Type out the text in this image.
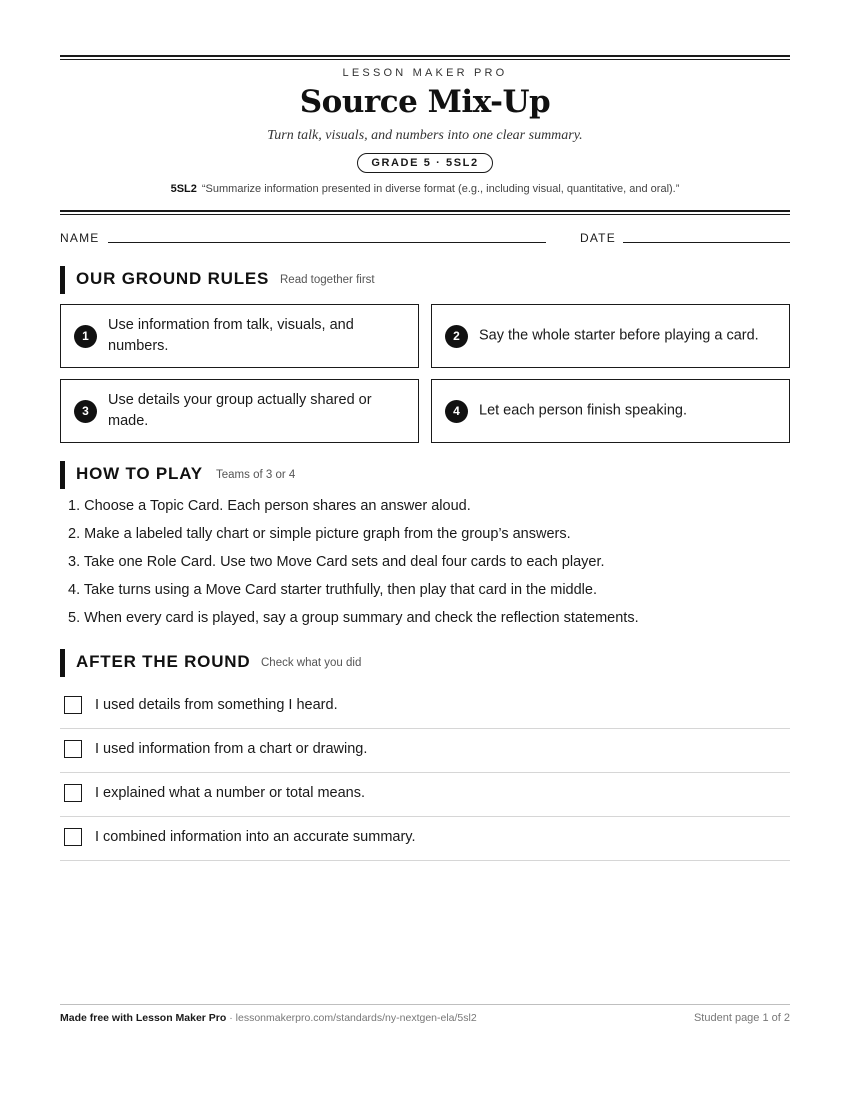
LESSON MAKER PRO
Source Mix-Up
Turn talk, visuals, and numbers into one clear summary.
GRADE 5 · 5SL2
5SL2 “Summarize information presented in diverse format (e.g., including visual, quantitative, and oral).”
NAME	DATE
OUR GROUND RULES Read together first
1
Use information from talk, visuals, and numbers.
2	Say the whole starter before playing a card.
3
Use details your group actually shared or made.
4	Let each person finish speaking.
HOW TO PLAY Teams of 3 or 4
1. Choose a Topic Card. Each person shares an answer aloud.
2. Make a labeled tally chart or simple picture graph from the group’s answers.
3. Take one Role Card. Use two Move Card sets and deal four cards to each player.
4. Take turns using a Move Card starter truthfully, then play that card in the middle.
5. When every card is played, say a group summary and check the reflection statements.
AFTER THE ROUND Check what you did
I used details from something I heard.
I used information from a chart or drawing.
I explained what a number or total means.
I combined information into an accurate summary.
Made free with Lesson Maker Pro · lessonmakerpro.com/standards/ny-nextgen-ela/5sl2	Student page 1 of 2
